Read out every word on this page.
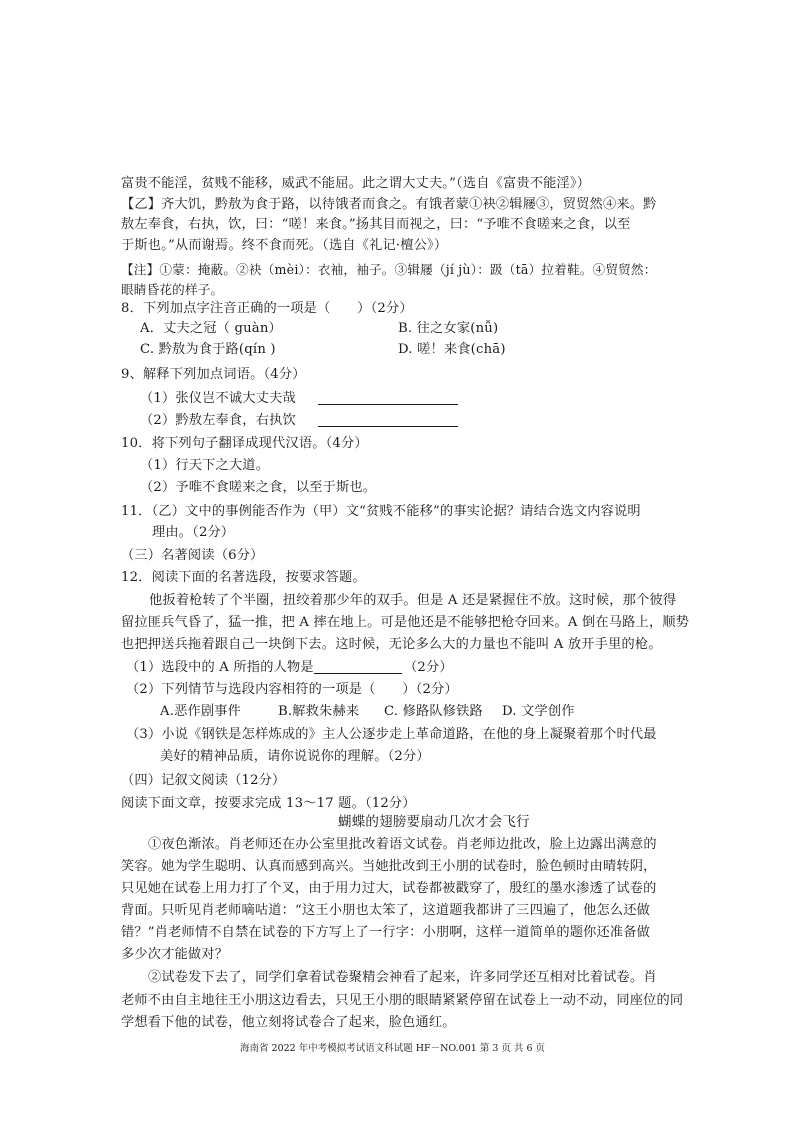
富贵不能淫，贫贱不能移，威武不能屈。此之谓大丈夫。”（选自《富贵不能淫》）
【乙】齐大饥，黔敖为食于路，以待饿者而食之。有饿者蒙①袂②辑屦③，贸贸然④来。黔
敖左奉食，右执，饮，曰：“嗟！来食。”扬其目而视之，曰：“予唯不食嗟来之食，以至
于斯也。”从而谢焉。终不食而死。（选自《礼记·檀公》）
【注】①蒙：掩蔽。②袂（mèi）：衣袖，袖子。③辑屦（jí jù）：趿（tā）拉着鞋。④贸贸然：
眼睛昏花的样子。
8．下列加点字注音正确的一项是（　　）（2分）
A．丈夫之冠（ guàn）	B. 往之女家(nǚ)
C. 黔敖为食于路(qín )	D. 嗟！来食(chā)
9、解释下列加点词语。（4分）
（1）张仪岂不诚大丈夫哉
（2）黔敖左奉食，右执饮
10．将下列句子翻译成现代汉语。（4分）
（1）行天下之大道。
（2）予唯不食嗟来之食，以至于斯也。
11．（乙）文中的事例能否作为（甲）文“贫贱不能移”的事实论据？请结合选文内容说明
理由。（2分）
（三）名著阅读（6分）
12．阅读下面的名著选段，按要求答题。
他扳着枪转了个半圈，扭绞着那少年的双手。但是 A 还是紧握住不放。这时候，那个彼得
留拉匪兵气昏了，猛一推，把 A 摔在地上。可是他还是不能够把枪夺回来。A 倒在马路上，顺势
也把押送兵拖着跟自己一块倒下去。这时候，无论多么大的力量也不能叫 A 放开手里的枪。
（1）选段中的 A 所指的人物是	（2分）
（2）下列情节与选段内容相符的一项是（　　）（2分）
A.恶作剧事件	B.解救朱赫来 C. 修路队修铁路 D. 文学创作
（3）小说《钢铁是怎样炼成的》主人公逐步走上革命道路，在他的身上凝聚着那个时代最
美好的精神品质，请你说说你的理解。（2分）
（四）记叙文阅读（12分）
阅读下面文章，按要求完成 13～17 题。（12分）
蝴蝶的翅膀要扇动几次才会飞行
①夜色渐浓。肖老师还在办公室里批改着语文试卷。肖老师边批改，脸上边露出满意的
笑容。她为学生聪明、认真而感到高兴。当她批改到王小朋的试卷时，脸色顿时由晴转阴，
只见她在试卷上用力打了个叉，由于用力过大，试卷都被戳穿了，殷红的墨水渗透了试卷的
背面。只听见肖老师嘀咕道：“这王小朋也太笨了，这道题我都讲了三四遍了，他怎么还做
错？”肖老师情不自禁在试卷的下方写上了一行字：小朋啊，这样一道简单的题你还准备做
多少次才能做对？
②试卷发下去了，同学们拿着试卷聚精会神看了起来，许多同学还互相对比着试卷。肖
老师不由自主地往王小朋这边看去，只见王小朋的眼睛紧紧停留在试卷上一动不动，同座位的同
学想看下他的试卷，他立刻将试卷合了起来，脸色通红。
海南省 2022 年中考模拟考试语文科试题 HF－NO.001 第 3 页 共 6 页
